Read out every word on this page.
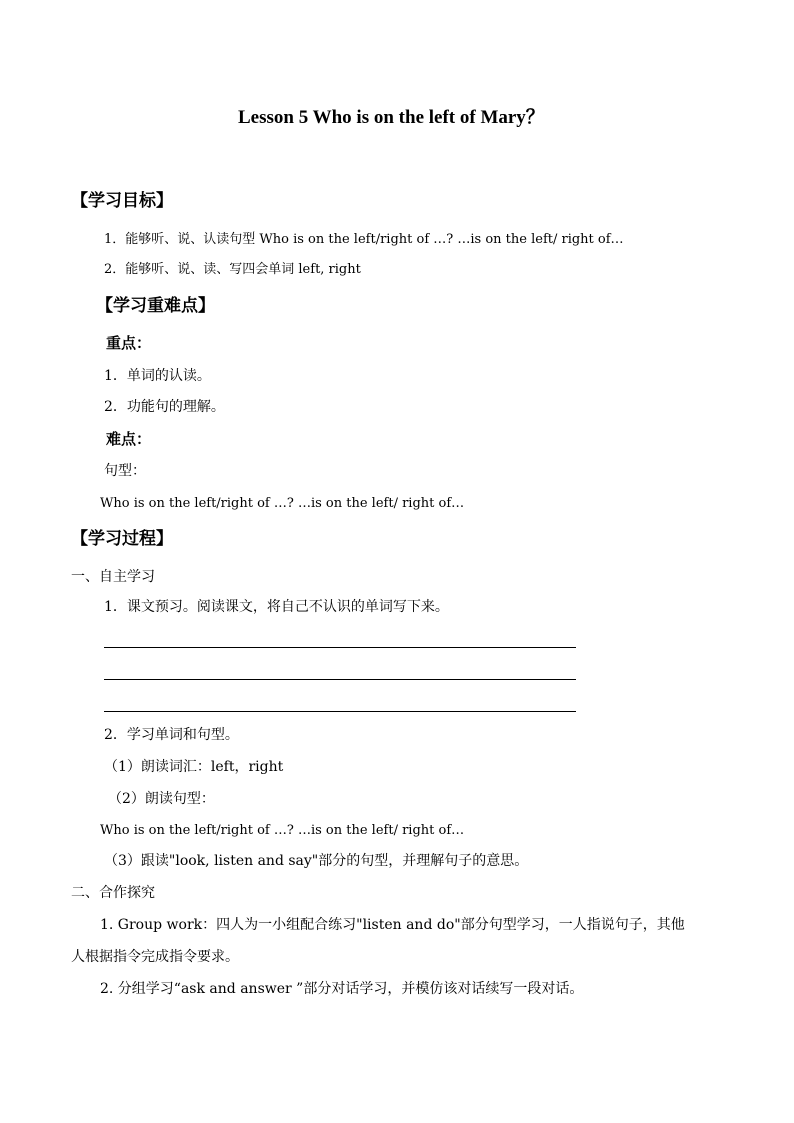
Lesson 5 Who is on the left of Mary？
【学习目标】
1．能够听、说、认读句型 Who is on the left/right of …? …is on the left/ right of…
2．能够听、说、读、写四会单词 left, right
【学习重难点】
重点：
1．单词的认读。
2．功能句的理解。
难点：
句型：
Who is on the left/right of …? …is on the left/ right of…
【学习过程】
一、自主学习
1．课文预习。阅读课文，将自己不认识的单词写下来。
2．学习单词和句型。
（1）朗读词汇：left，right
（2）朗读句型：
Who is on the left/right of …? …is on the left/ right of…
（3）跟读"look, listen and say"部分的句型，并理解句子的意思。
二、合作探究
1. Group work：四人为一小组配合练习"listen and do"部分句型学习，一人指说句子，其他
人根据指令完成指令要求。
2. 分组学习“ask and answer ”部分对话学习，并模仿该对话续写一段对话。
